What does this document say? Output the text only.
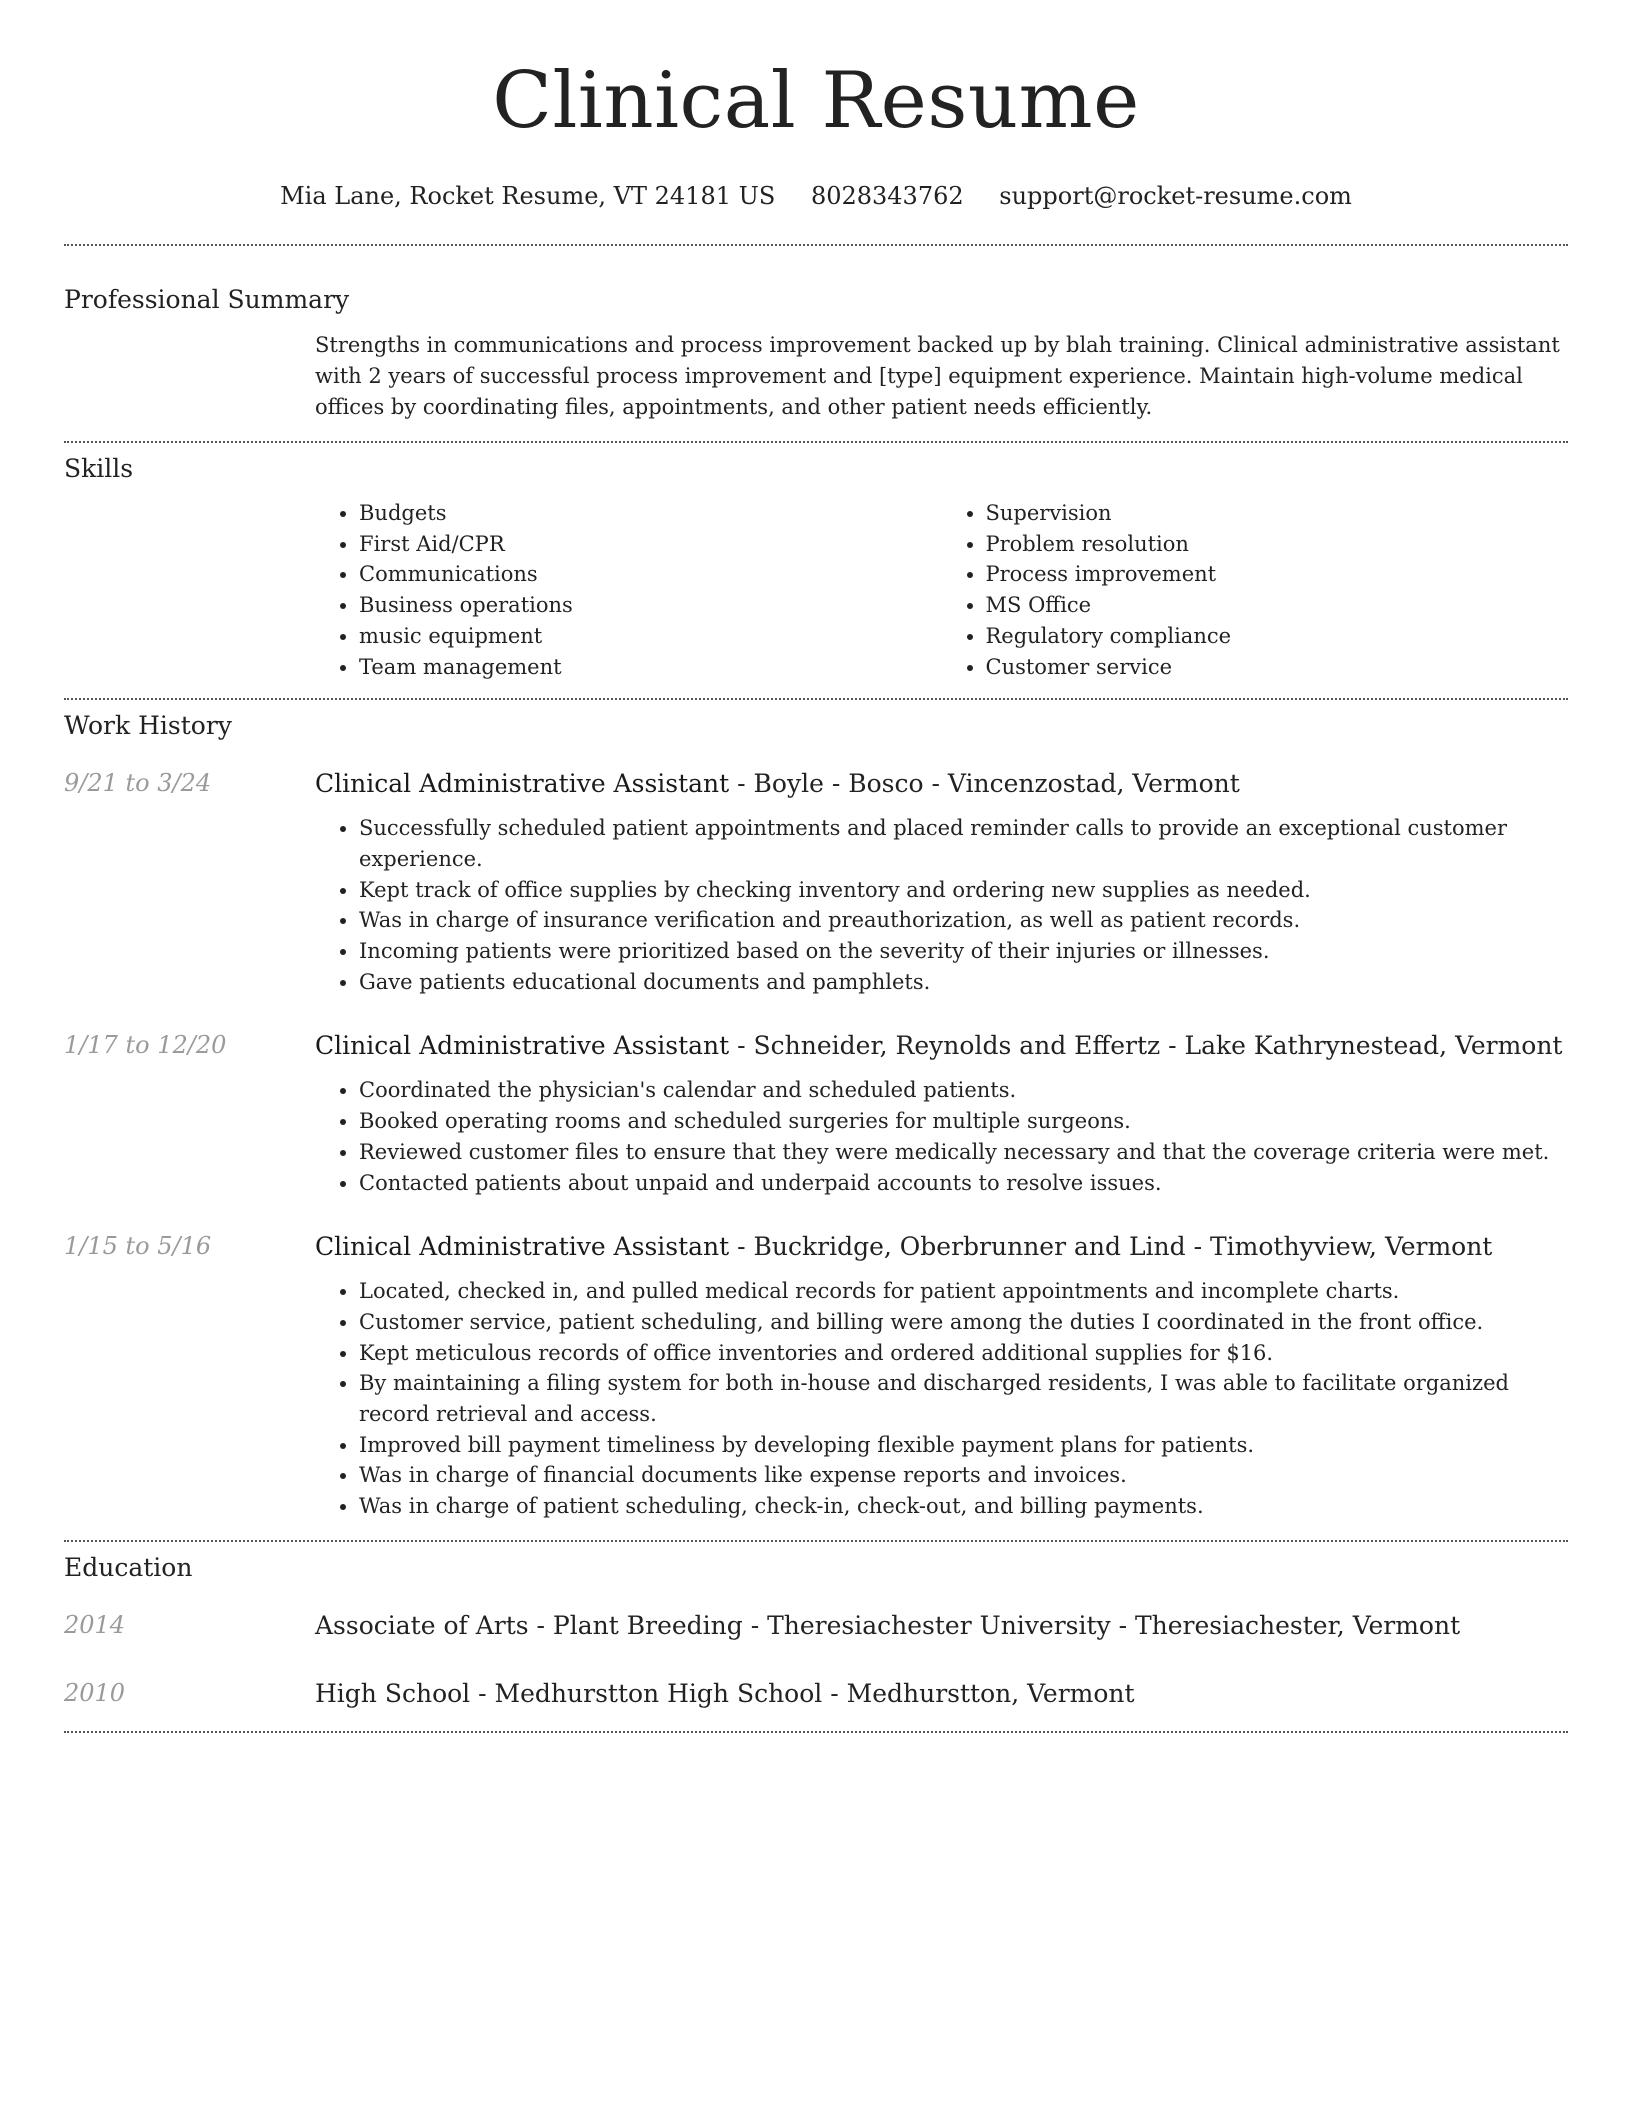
Clinical Resume
Mia Lane, Rocket Resume, VT 24181 US 8028343762 support@rocket-resume.com
Professional Summary

Strengths in communications and process improvement backed up by blah training. Clinical administrative assistant with 2 years of successful process improvement and [type] equipment experience. Maintain high-volume medical offices by coordinating files, appointments, and other patient needs efficiently.

Skills
• Budgets
• First Aid/CPR
• Communications
• Business operations
• music equipment
• Team management
• Supervision
• Problem resolution
• Process improvement
• MS Office
• Regulatory compliance
• Customer service
Work History
9/21 to 3/24	Clinical Administrative Assistant - Boyle - Bosco - Vincenzostad, Vermont
• Successfully scheduled patient appointments and placed reminder calls to provide an exceptional customer experience.
• Kept track of office supplies by checking inventory and ordering new supplies as needed.
• Was in charge of insurance verification and preauthorization, as well as patient records.
• Incoming patients were prioritized based on the severity of their injuries or illnesses.
• Gave patients educational documents and pamphlets.
1/17 to 12/20	Clinical Administrative Assistant - Schneider, Reynolds and Effertz - Lake Kathrynestead, Vermont
• Coordinated the physician's calendar and scheduled patients.
• Booked operating rooms and scheduled surgeries for multiple surgeons.
• Reviewed customer files to ensure that they were medically necessary and that the coverage criteria were met.
• Contacted patients about unpaid and underpaid accounts to resolve issues.
1/15 to 5/16	Clinical Administrative Assistant - Buckridge, Oberbrunner and Lind - Timothyview, Vermont
• Located, checked in, and pulled medical records for patient appointments and incomplete charts.
• Customer service, patient scheduling, and billing were among the duties I coordinated in the front office.
• Kept meticulous records of office inventories and ordered additional supplies for $16.
• By maintaining a filing system for both in-house and discharged residents, I was able to facilitate organized record retrieval and access.
• Improved bill payment timeliness by developing flexible payment plans for patients.
• Was in charge of financial documents like expense reports and invoices.
• Was in charge of patient scheduling, check-in, check-out, and billing payments.
Education
2014	Associate of Arts - Plant Breeding - Theresiachester University - Theresiachester, Vermont
2010	High School - Medhurstton High School - Medhurstton, Vermont
